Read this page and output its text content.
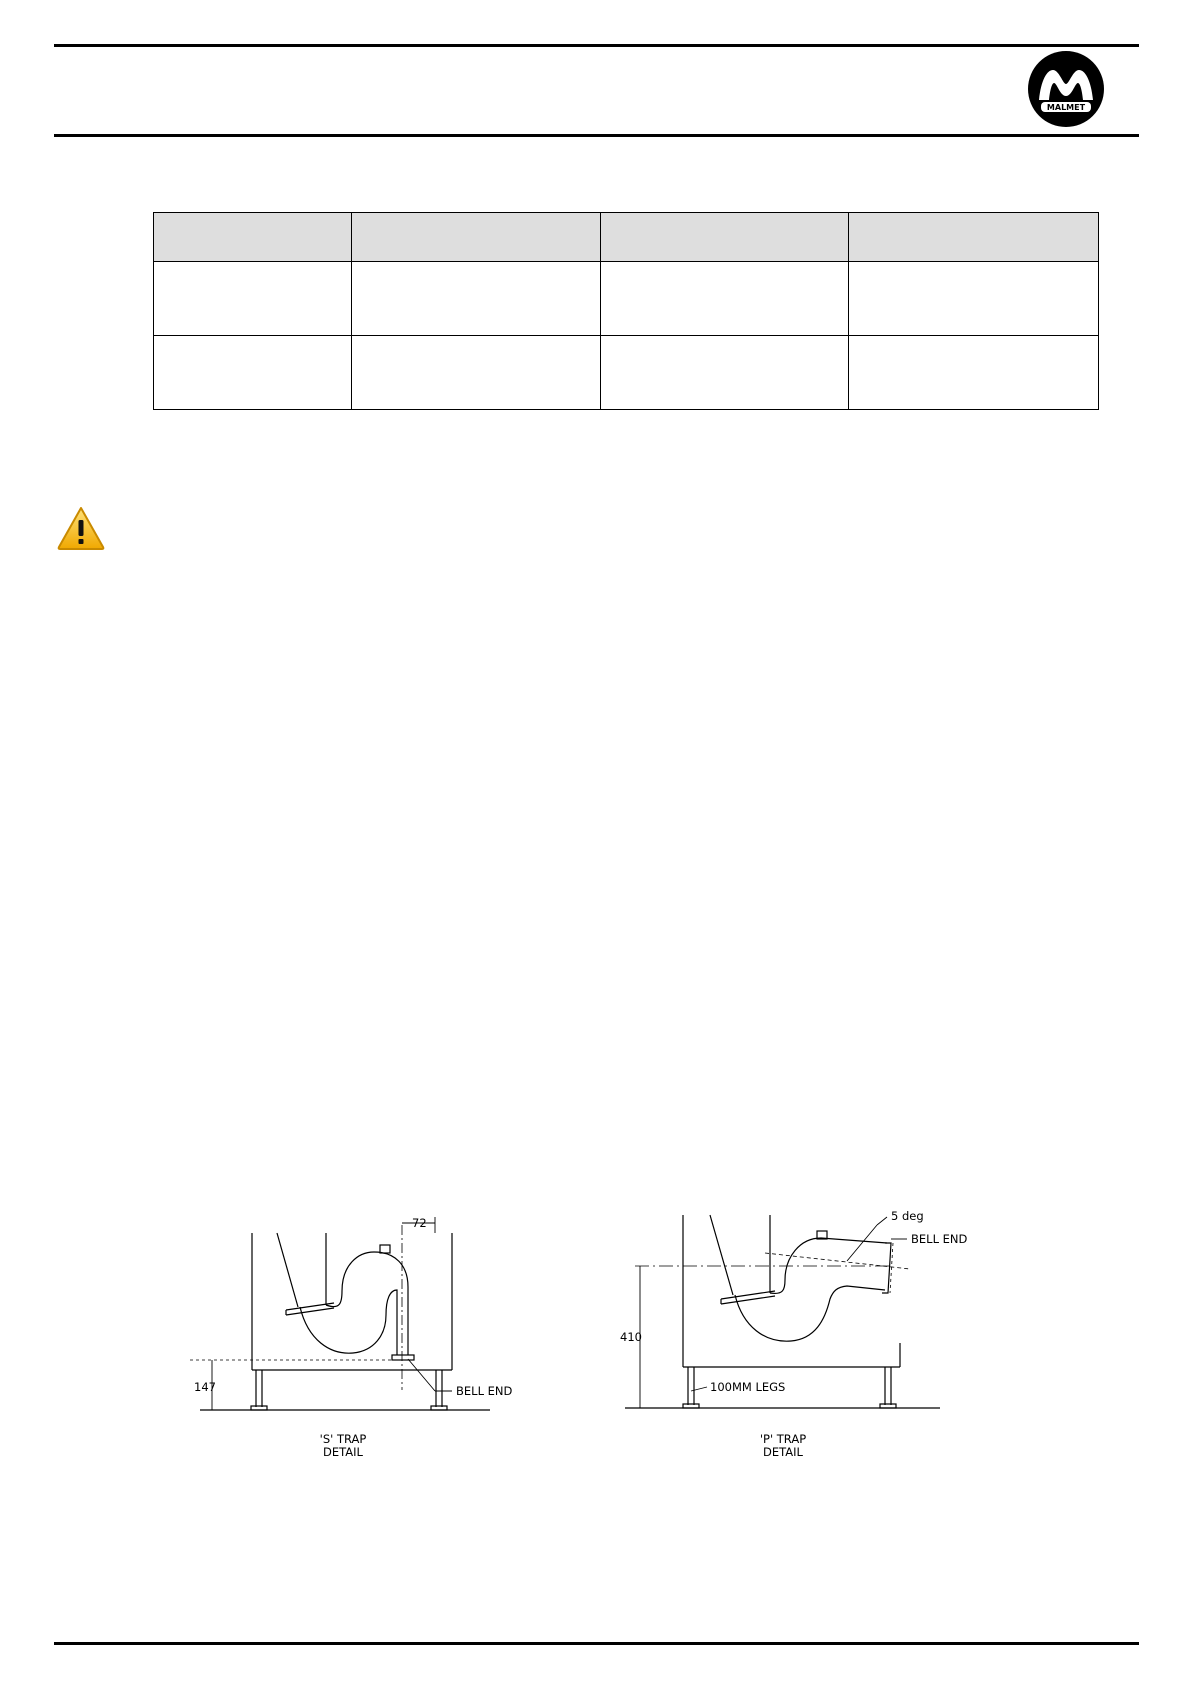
MALMET

72
147	BELL END
'S' TRAP
DETAIL
5 deg
BELL END
410
100MM LEGS
'P' TRAP
DETAIL
